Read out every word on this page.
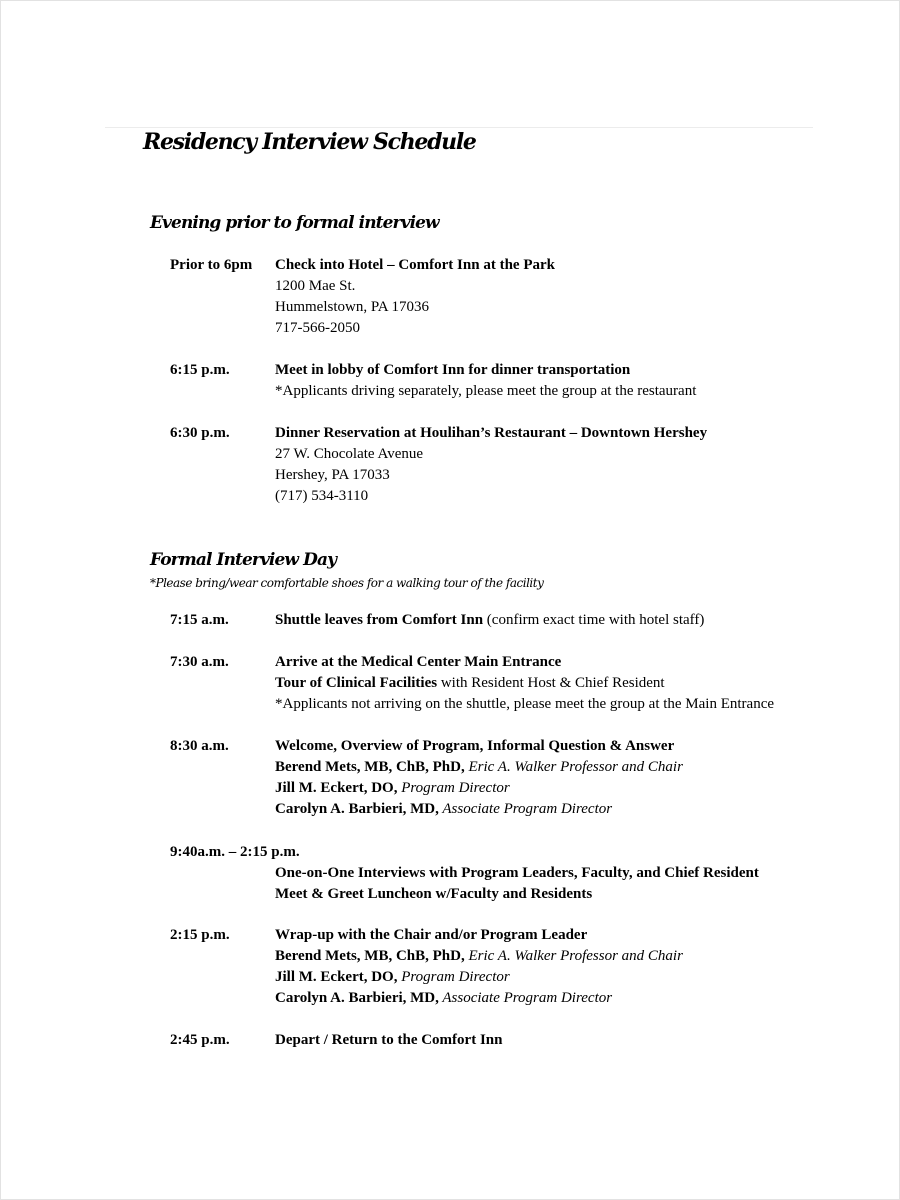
Residency Interview Schedule
Evening prior to formal interview
Prior to 6pm Check into Hotel – Comfort Inn at the Park
1200 Mae St.
Hummelstown, PA 17036
717-566-2050
6:15 p.m.	Meet in lobby of Comfort Inn for dinner transportation
*Applicants driving separately, please meet the group at the restaurant
6:30 p.m.	Dinner Reservation at Houlihan’s Restaurant – Downtown Hershey
27 W. Chocolate Avenue
Hershey, PA 17033
(717) 534-3110
Formal Interview Day
*Please bring/wear comfortable shoes for a walking tour of the facility
7:15 a.m.	Shuttle leaves from Comfort Inn (confirm exact time with hotel staff)
7:30 a.m.	Arrive at the Medical Center Main Entrance
Tour of Clinical Facilities with Resident Host & Chief Resident
*Applicants not arriving on the shuttle, please meet the group at the Main Entrance
8:30 a.m.	Welcome, Overview of Program, Informal Question & Answer
Berend Mets, MB, ChB, PhD, Eric A. Walker Professor and Chair
Jill M. Eckert, DO, Program Director
Carolyn A. Barbieri, MD, Associate Program Director
9:40a.m. – 2:15 p.m.
One-on-One Interviews with Program Leaders, Faculty, and Chief Resident
Meet & Greet Luncheon w/Faculty and Residents
2:15 p.m.	Wrap-up with the Chair and/or Program Leader
Berend Mets, MB, ChB, PhD, Eric A. Walker Professor and Chair
Jill M. Eckert, DO, Program Director
Carolyn A. Barbieri, MD, Associate Program Director
2:45 p.m.	Depart / Return to the Comfort Inn
